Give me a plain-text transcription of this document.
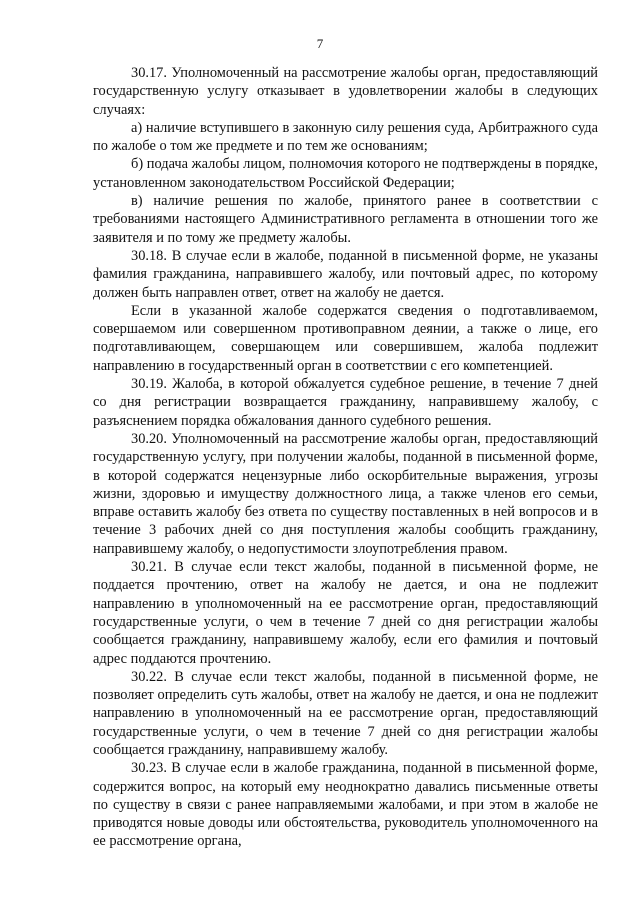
7

30.17. Уполномоченный на рассмотрение жалобы орган, предоставляющий государственную услугу отказывает в удовлетворении жалобы в следующих случаях:

а) наличие вступившего в законную силу решения суда, Арбитражного суда по жалобе о том же предмете и по тем же основаниям;

б) подача жалобы лицом, полномочия которого не подтверждены в порядке, установленном законодательством Российской Федерации;

в) наличие решения по жалобе, принятого ранее в соответствии с требованиями настоящего Административного регламента в отношении того же заявителя и по тому же предмету жалобы.

30.18. В случае если в жалобе, поданной в письменной форме, не указаны фамилия гражданина, направившего жалобу, или почтовый адрес, по которому должен быть направлен ответ, ответ на жалобу не дается.

Если в указанной жалобе содержатся сведения о подготавливаемом, совершаемом или совершенном противоправном деянии, а также о лице, его подготавливающем, совершающем или совершившем, жалоба подлежит направлению в государственный орган в соответствии с его компетенцией.

30.19. Жалоба, в которой обжалуется судебное решение, в течение 7 дней со дня регистрации возвращается гражданину, направившему жалобу, с разъяснением порядка обжалования данного судебного решения.

30.20. Уполномоченный на рассмотрение жалобы орган, предоставляющий государственную услугу, при получении жалобы, поданной в письменной форме, в которой содержатся нецензурные либо оскорбительные выражения, угрозы жизни, здоровью и имуществу должностного лица, а также членов его семьи, вправе оставить жалобу без ответа по существу поставленных в ней вопросов и в течение 3 рабочих дней со дня поступления жалобы сообщить гражданину, направившему жалобу, о недопустимости злоупотребления правом.

30.21. В случае если текст жалобы, поданной в письменной форме, не поддается прочтению, ответ на жалобу не дается, и она не подлежит направлению в уполномоченный на ее рассмотрение орган, предоставляющий государственные услуги, о чем в течение 7 дней со дня регистрации жалобы сообщается гражданину, направившему жалобу, если его фамилия и почтовый адрес поддаются прочтению.

30.22. В случае если текст жалобы, поданной в письменной форме, не позволяет определить суть жалобы, ответ на жалобу не дается, и она не подлежит направлению в уполномоченный на ее рассмотрение орган, предоставляющий государственные услуги, о чем в течение 7 дней со дня регистрации жалобы сообщается гражданину, направившему жалобу.

30.23. В случае если в жалобе гражданина, поданной в письменной форме, содержится вопрос, на который ему неоднократно давались письменные ответы по существу в связи с ранее направляемыми жалобами, и при этом в жалобе не приводятся новые доводы или обстоятельства, руководитель уполномоченного на ее рассмотрение органа,
